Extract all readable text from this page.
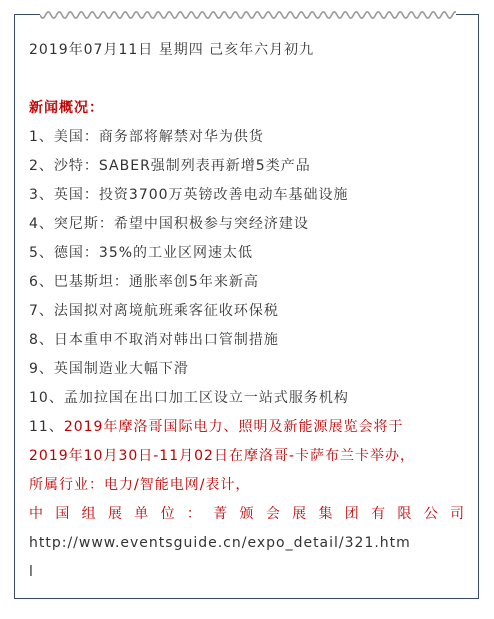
2019年07月11日 星期四 己亥年六月初九
新闻概况：
1、美国：商务部将解禁对华为供货
2、沙特：SABER强制列表再新增5类产品
3、英国：投资3700万英镑改善电动车基础设施
4、突尼斯：希望中国积极参与突经济建设
5、德国：35%的工业区网速太低
6、巴基斯坦：通胀率创5年来新高
7、法国拟对离境航班乘客征收环保税
8、日本重申不取消对韩出口管制措施
9、英国制造业大幅下滑
10、孟加拉国在出口加工区设立一站式服务机构
11、2019年摩洛哥国际电力、照明及新能源展览会将于
2019年10月30日-11月02日在摩洛哥-卡萨布兰卡举办，
所属行业：电力/智能电网/表计，
中 国 组 展 单 位 ： 菁 颁 会 展 集 团 有 限 公 司
http://www.eventsguide.cn/expo_detail/321.htm
l
